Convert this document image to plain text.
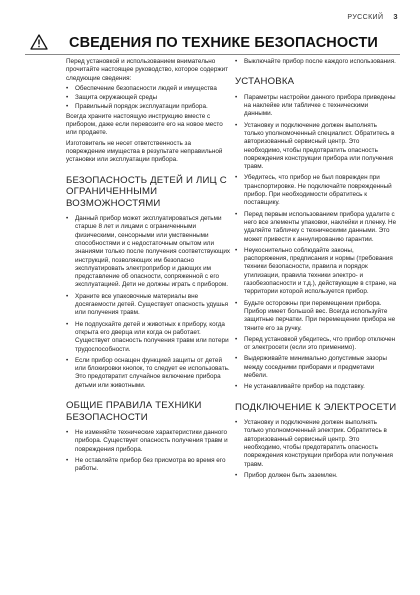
РУССКИЙ 3
СВЕДЕНИЯ ПО ТЕХНИКЕ БЕЗОПАСНОСТИ

Перед установкой и использованием внимательно прочитайте настоящее руководство, которое содержит следующие сведения:

• Обеспечение безопасности людей и имущества
• Защита окружающей среды
• Правильный порядок эксплуатации прибора.

Всегда храните настоящую инструкцию вместе с прибором, даже если перевозите его на новое место или продаете.

Изготовитель не несет ответственность за повреждение имущества в результате неправильной установки или эксплуатации прибора.

БЕЗОПАСНОСТЬ ДЕТЕЙ И ЛИЦ С ОГРАНИЧЕННЫМИ ВОЗМОЖНОСТЯМИ
• Данный прибор может эксплуатироваться детьми старше 8 лет и лицами с ограниченными физическими, сенсорными или умственными способностями и с недостаточным опытом или знаниями только после получения соответствующих инструкций, позволяющих им безопасно эксплуатировать электроприбор и дающих им представление об опасности, сопряженной с его эксплуатацией. Дети не должны играть с прибором.
• Храните все упаковочные материалы вне досягаемости детей. Существует опасность удушья или получения травм.
• Не подпускайте детей и животных к прибору, когда открыта его дверца или когда он работает. Существует опасность получения травм или потери трудоспособности.
• Если прибор оснащен функцией защиты от детей или блокировки кнопок, то следует ее использовать. Это предотвратит случайное включение прибора детьми или животными.
ОБЩИЕ ПРАВИЛА ТЕХНИКИ БЕЗОПАСНОСТИ
• Не изменяйте технические характеристики данного прибора. Существует опасность получения травм и повреждения прибора.
• Не оставляйте прибор без присмотра во время его работы.
• Выключайте прибор после каждого использования.
УСТАНОВКА
• Параметры настройки данного прибора приведены на наклейке или табличке с техническими данными.
• Установку и подключение должен выполнять только уполномоченный специалист. Обратитесь в авторизованный сервисный центр. Это необходимо, чтобы предотвратить опасность повреждения конструкции прибора или получения травм.
• Убедитесь, что прибор не был поврежден при транспортировке. Не подключайте поврежденный прибор. При необходимости обратитесь к поставщику.
• Перед первым использованием прибора удалите с него все элементы упаковки, наклейки и пленку. Не удаляйте табличку с техническими данными. Это может привести к аннулированию гарантии.
• Неукоснительно соблюдайте законы, распоряжения, предписания и нормы (требования техники безопасности, правила и порядок утилизации, правила техники электро- и газобезопасности и т.д.), действующие в стране, на территории которой используется прибор.
• Будьте осторожны при перемещении прибора. Прибор имеет большой вес. Всегда используйте защитные перчатки. При перемещении прибора не тяните его за ручку.
• Перед установкой убедитесь, что прибор отключен от электросети (если это применимо).
• Выдерживайте минимально допустимые зазоры между соседними приборами и предметами мебели.
• Не устанавливайте прибор на подставку.
ПОДКЛЮЧЕНИЕ К ЭЛЕКТРОСЕТИ
• Установку и подключение должен выполнять только уполномоченный электрик. Обратитесь в авторизованный сервисный центр. Это необходимо, чтобы предотвратить опасность повреждения конструкции прибора или получения травм.
• Прибор должен быть заземлен.
